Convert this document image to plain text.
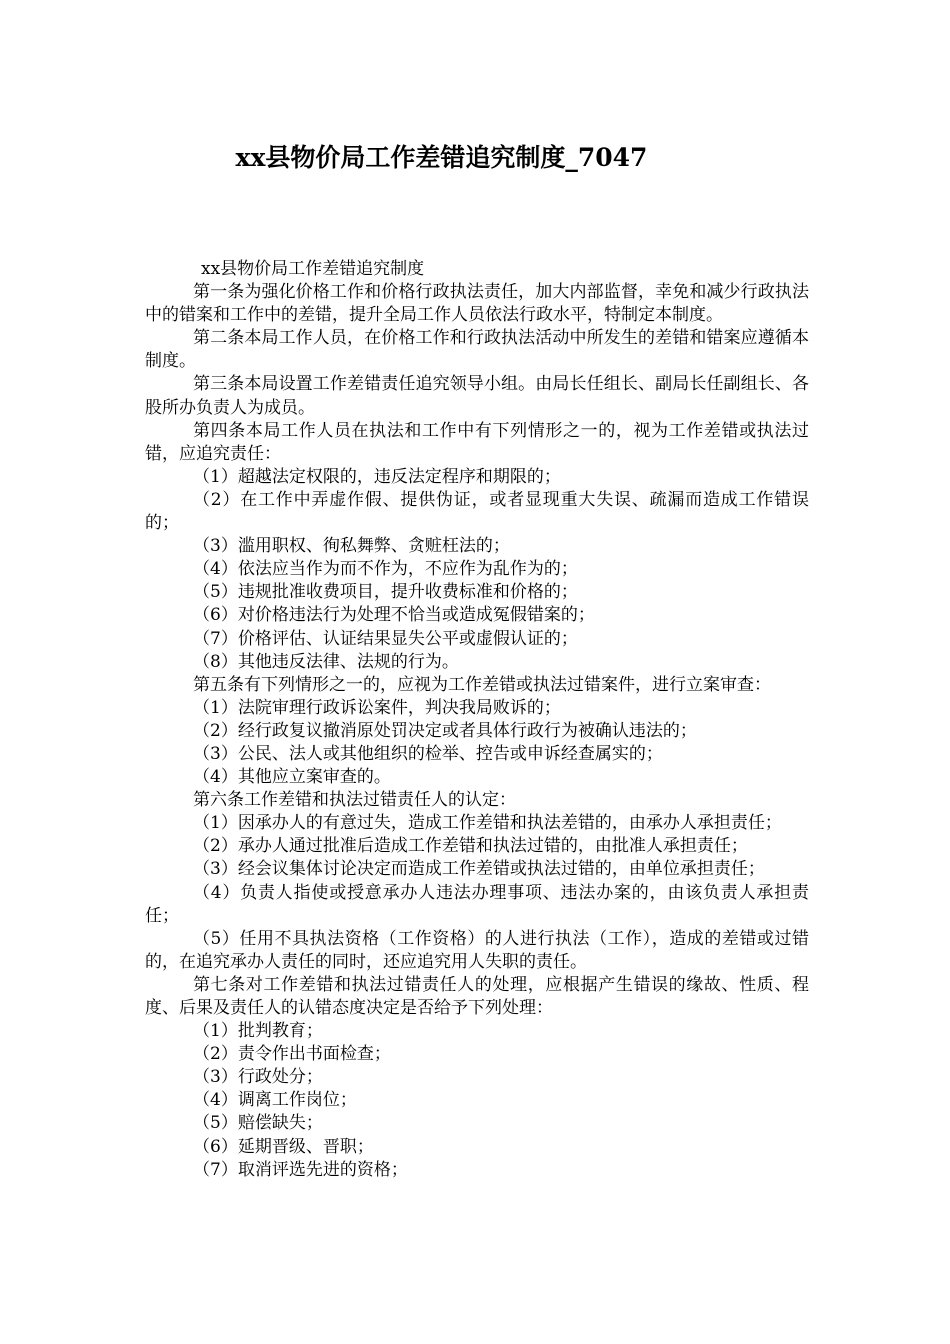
xx县物价局工作差错追究制度_7047

xx县物价局工作差错追究制度

第一条为强化价格工作和价格行政执法责任，加大内部监督，幸免和减少行政执法中的错案和工作中的差错，提升全局工作人员依法行政水平，特制定本制度。

第二条本局工作人员，在价格工作和行政执法活动中所发生的差错和错案应遵循本制度。

第三条本局设置工作差错责任追究领导小组。由局长任组长、副局长任副组长、各股所办负责人为成员。

第四条本局工作人员在执法和工作中有下列情形之一的，视为工作差错或执法过错，应追究责任：

（1）超越法定权限的，违反法定程序和期限的；

（2）在工作中弄虚作假、提供伪证，或者显现重大失误、疏漏而造成工作错误的；

（3）滥用职权、徇私舞弊、贪赃枉法的；

（4）依法应当作为而不作为，不应作为乱作为的；

（5）违规批准收费项目，提升收费标准和价格的；

（6）对价格违法行为处理不恰当或造成冤假错案的；

（7）价格评估、认证结果显失公平或虚假认证的；

（8）其他违反法律、法规的行为。

第五条有下列情形之一的，应视为工作差错或执法过错案件，进行立案审查：

（1）法院审理行政诉讼案件，判决我局败诉的；

（2）经行政复议撤消原处罚决定或者具体行政行为被确认违法的；

（3）公民、法人或其他组织的检举、控告或申诉经查属实的；

（4）其他应立案审查的。

第六条工作差错和执法过错责任人的认定：

（1）因承办人的有意过失，造成工作差错和执法差错的，由承办人承担责任；

（2）承办人通过批准后造成工作差错和执法过错的，由批准人承担责任；

（3）经会议集体讨论决定而造成工作差错或执法过错的，由单位承担责任；

（4）负责人指使或授意承办人违法办理事项、违法办案的，由该负责人承担责任；

（5）任用不具执法资格（工作资格）的人进行执法（工作），造成的差错或过错的，在追究承办人责任的同时，还应追究用人失职的责任。

第七条对工作差错和执法过错责任人的处理，应根据产生错误的缘故、性质、程度、后果及责任人的认错态度决定是否给予下列处理：

（1）批判教育；

（2）责令作出书面检查；

（3）行政处分；

（4）调离工作岗位；

（5）赔偿缺失；

（6）延期晋级、晋职；

（7）取消评选先进的资格；
